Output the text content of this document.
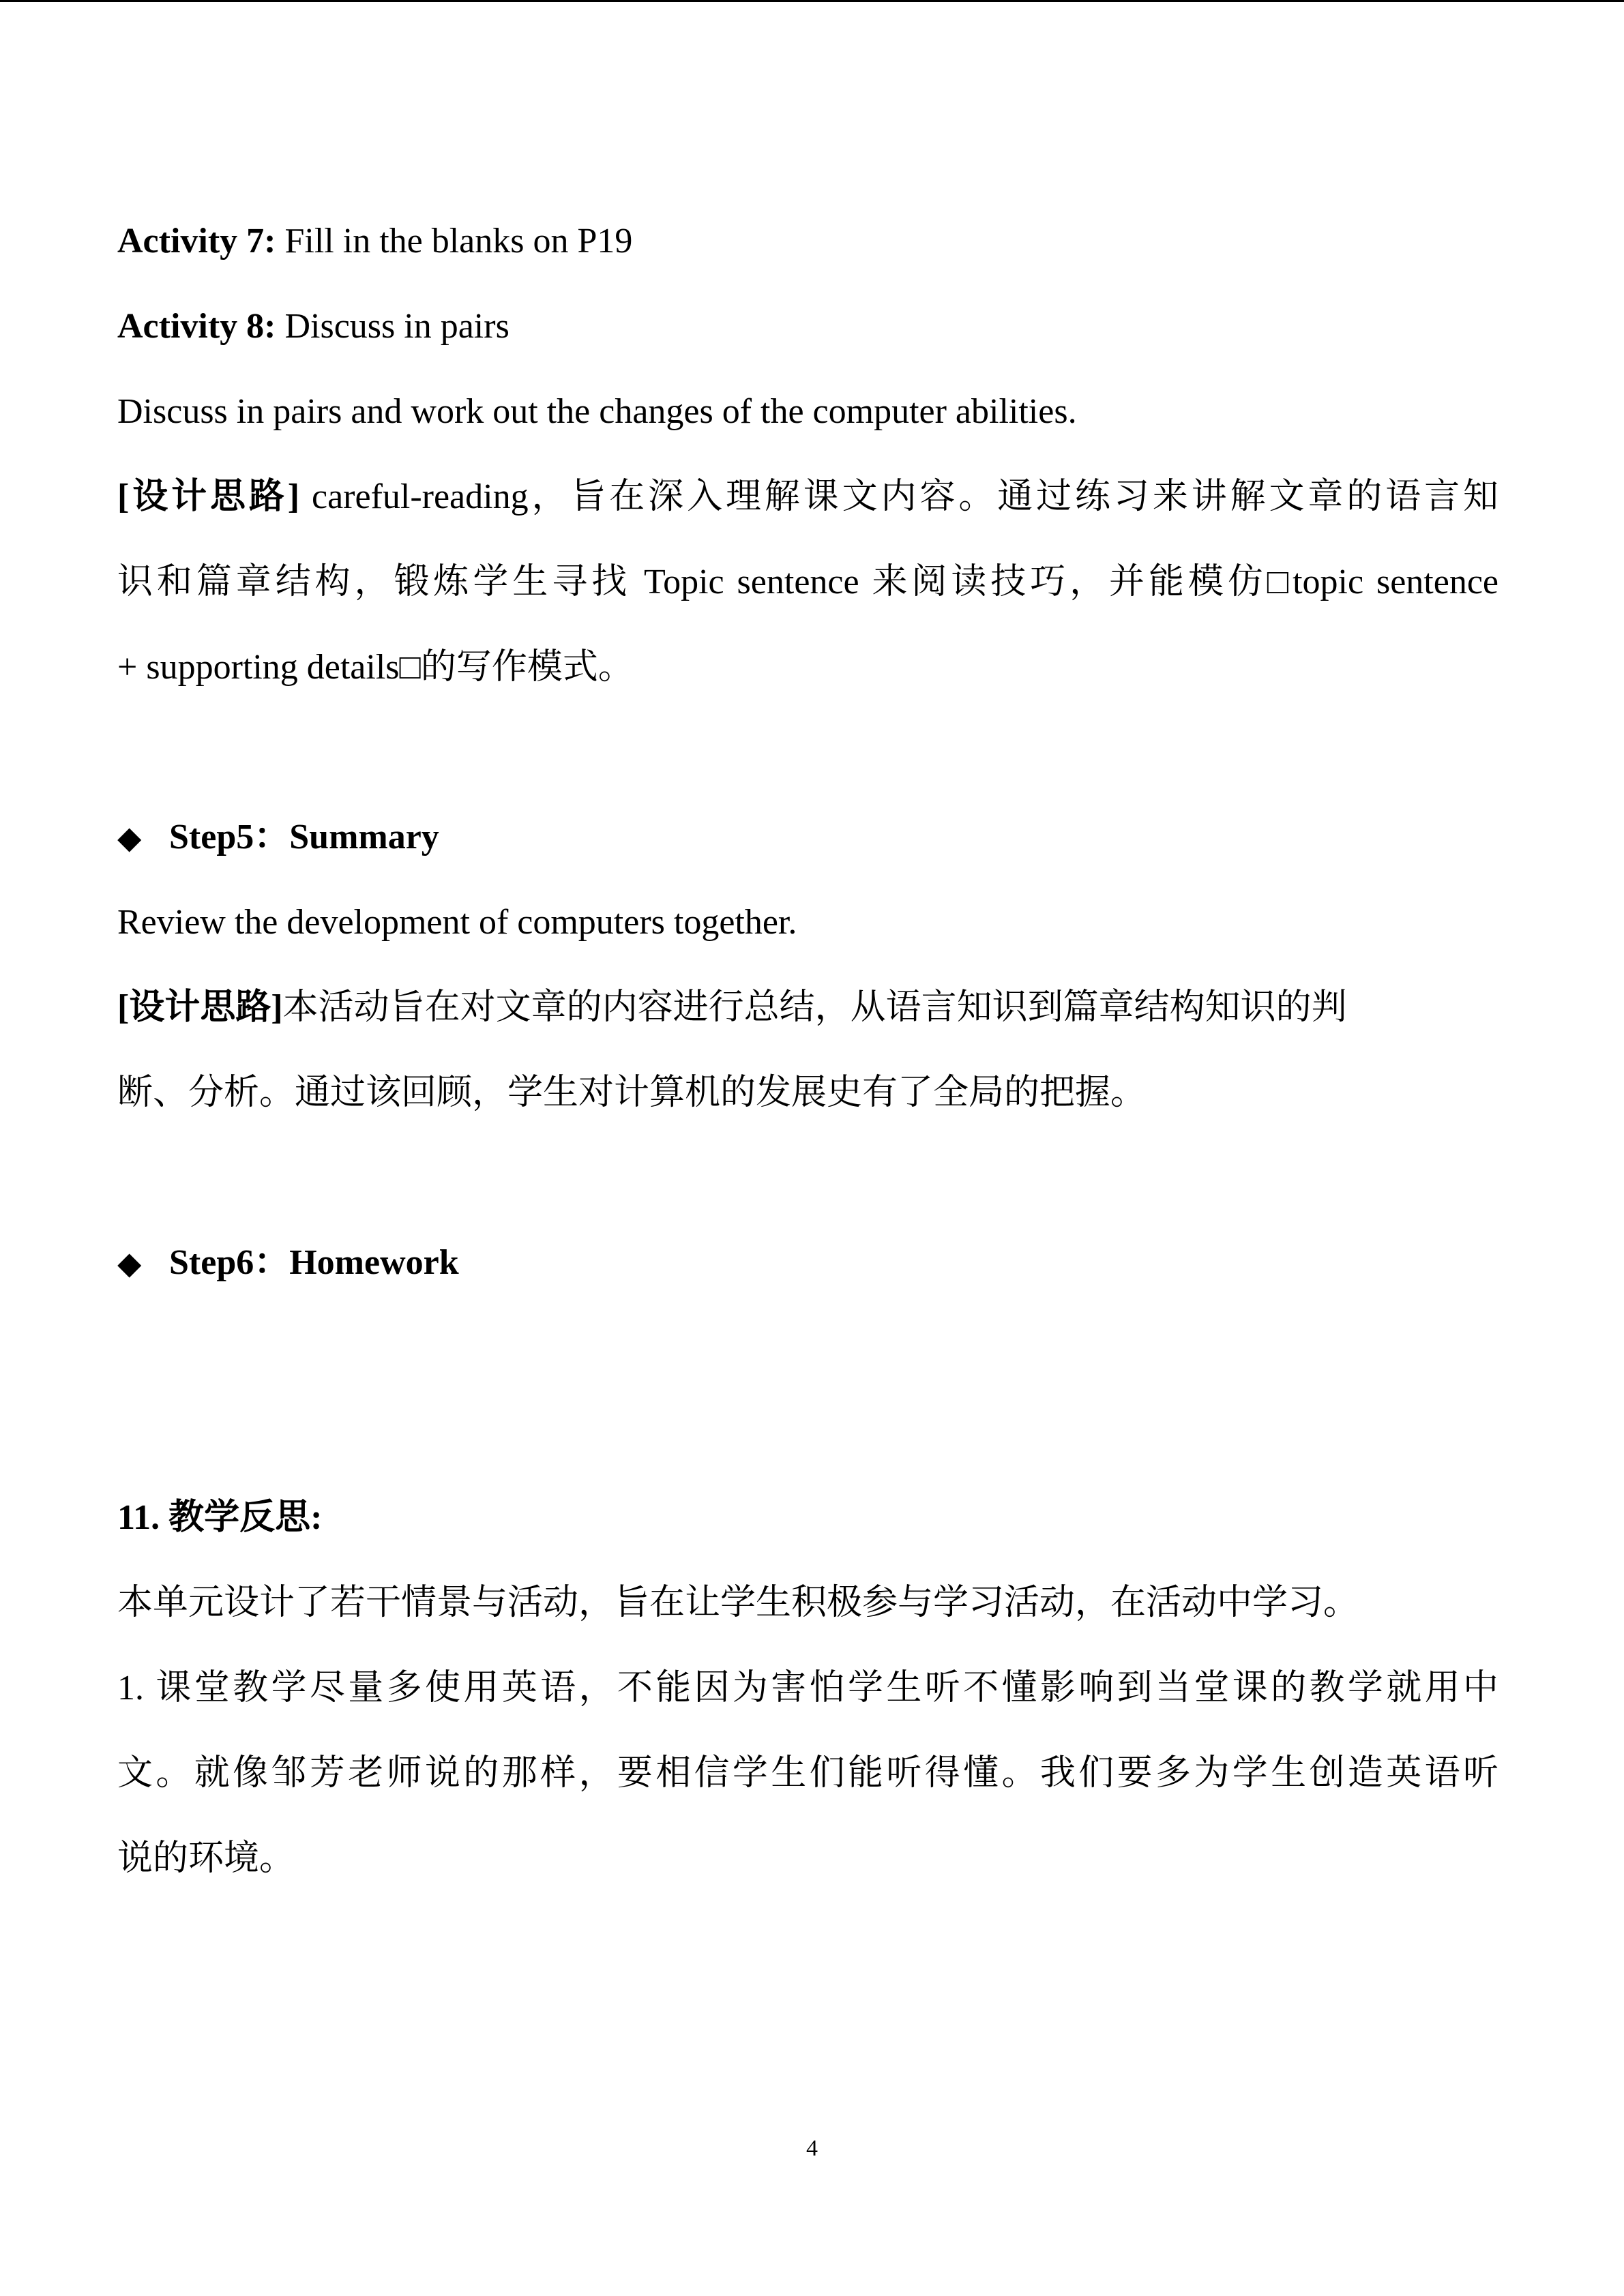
Activity 7: Fill in the blanks on P19
Activity 8: Discuss in pairs
Discuss in pairs and work out the changes of the computer abilities.
[设计思路] careful-reading，旨在深入理解课文内容。通过练习来讲解文章的语言知
识和篇章结构，锻炼学生寻找 Topic sentence 来阅读技巧，并能模仿□topic sentence
+ supporting details□的写作模式。
◆ Step5：Summary
Review the development of computers together.
[设计思路]本活动旨在对文章的内容进行总结，从语言知识到篇章结构知识的判
断、分析。通过该回顾，学生对计算机的发展史有了全局的把握。
◆ Step6：Homework
11. 教学反思:
本单元设计了若干情景与活动，旨在让学生积极参与学习活动，在活动中学习。
1. 课堂教学尽量多使用英语，不能因为害怕学生听不懂影响到当堂课的教学就用中
文。就像邹芳老师说的那样，要相信学生们能听得懂。我们要多为学生创造英语听
说的环境。
4
